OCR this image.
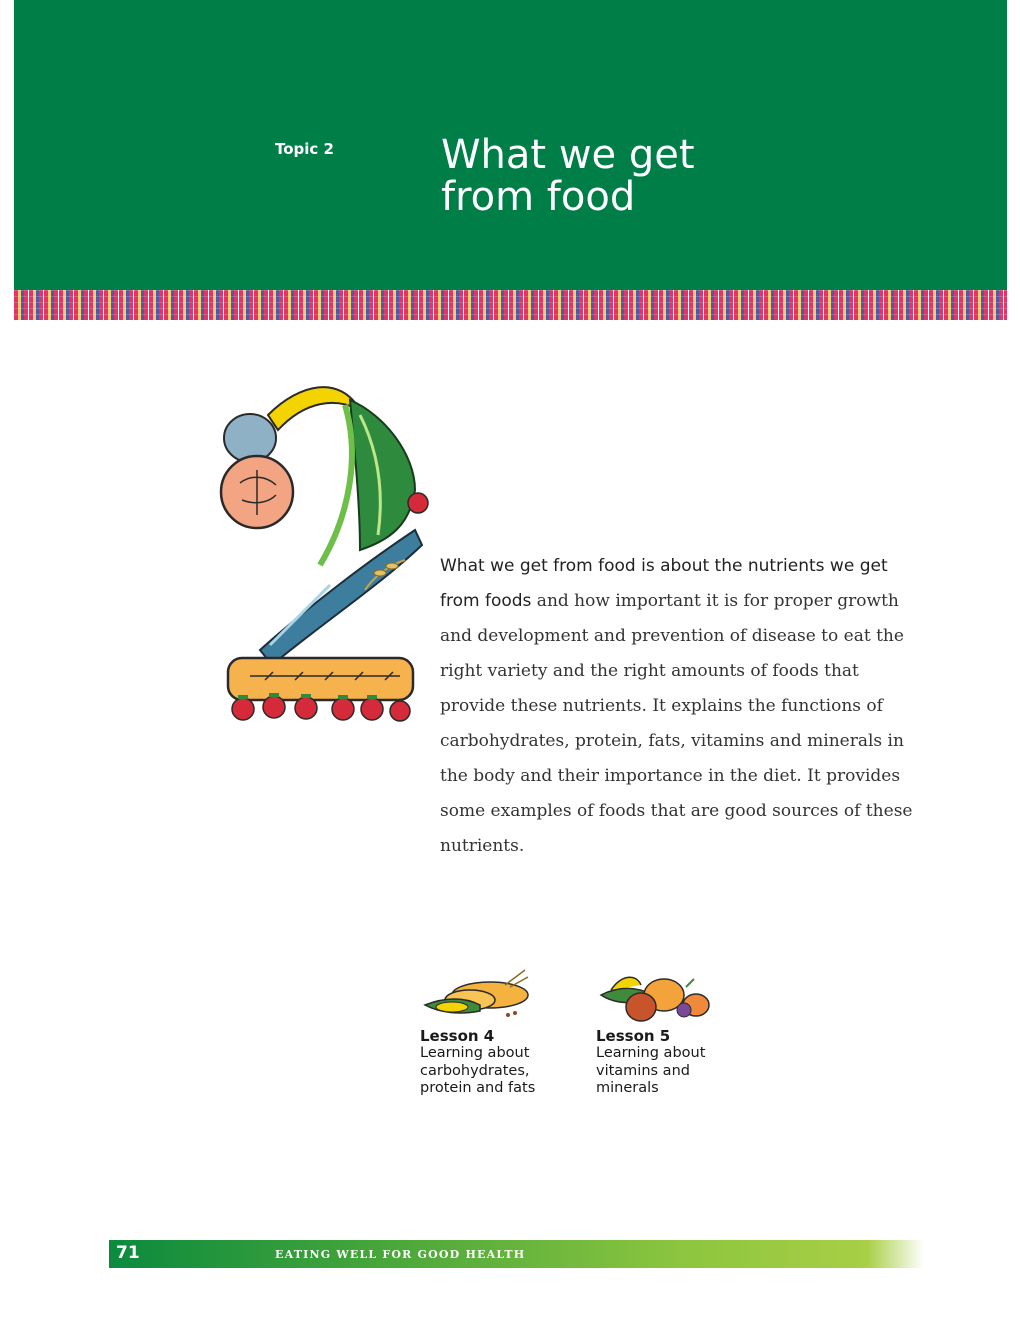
Topic 2	What we get
from food
What we get from food is about the nutrients we get from foods and how important it is for proper growth and development and prevention of disease to eat the right variety and the right amounts of foods that provide these nutrients. It explains the functions of carbohydrates, protein, fats, vitamins and minerals in the body and their importance in the diet. It provides some examples of foods that are good sources of these nutrients.
Lesson 4
Learning about carbohydrates, protein and fats
Lesson 5
Learning about vitamins and minerals
71	EATING WELL FOR GOOD HEALTH
